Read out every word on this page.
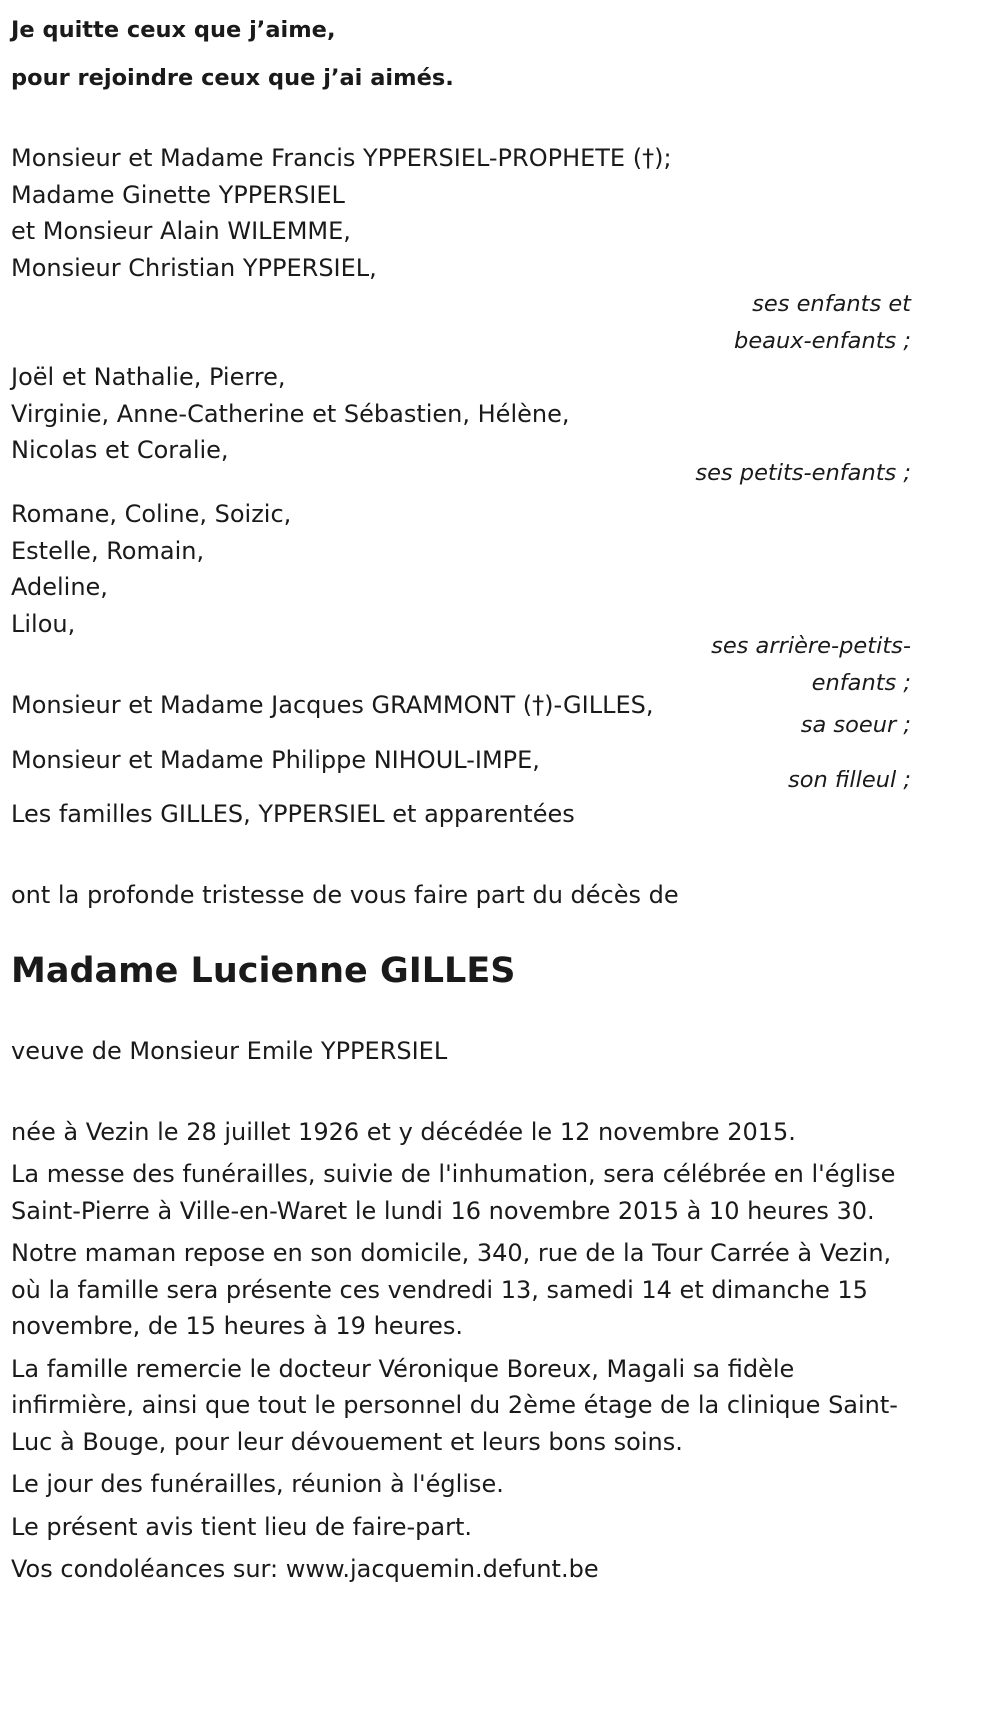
Je quitte ceux que j’aime,
pour rejoindre ceux que j’ai aimés.
Monsieur et Madame Francis YPPERSIEL-PROPHETE (†);
Madame Ginette YPPERSIEL
et Monsieur Alain WILEMME,
Monsieur Christian YPPERSIEL,
ses enfants et
beaux-enfants ;
Joël et Nathalie, Pierre,
Virginie, Anne-Catherine et Sébastien, Hélène,
Nicolas et Coralie,
ses petits-enfants ;
Romane, Coline, Soizic,
Estelle, Romain,
Adeline,
Lilou,
ses arrière-petits-
enfants ;
Monsieur et Madame Jacques GRAMMONT (†)-GILLES,
sa soeur ;
Monsieur et Madame Philippe NIHOUL-IMPE,
son filleul ;
Les familles GILLES, YPPERSIEL et apparentées
ont la profonde tristesse de vous faire part du décès de
Madame Lucienne GILLES
veuve de Monsieur Emile YPPERSIEL
née à Vezin le 28 juillet 1926 et y décédée le 12 novembre 2015.
La messe des funérailles, suivie de l'inhumation, sera célébrée en l'église Saint-Pierre à Ville-en-Waret le lundi 16 novembre 2015 à 10 heures 30.
Notre maman repose en son domicile, 340, rue de la Tour Carrée à Vezin, où la famille sera présente ces vendredi 13, samedi 14 et dimanche 15 novembre, de 15 heures à 19 heures.
La famille remercie le docteur Véronique Boreux, Magali sa fidèle infirmière, ainsi que tout le personnel du 2ème étage de la clinique Saint-Luc à Bouge, pour leur dévouement et leurs bons soins.
Le jour des funérailles, réunion à l'église.
Le présent avis tient lieu de faire-part.
Vos condoléances sur: www.jacquemin.defunt.be
